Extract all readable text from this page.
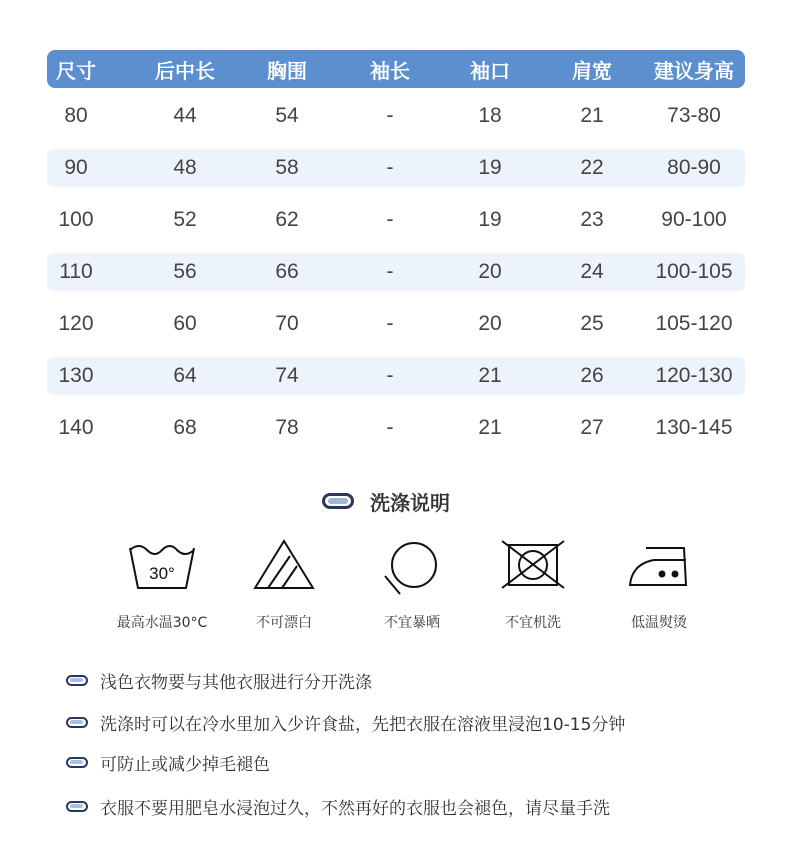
尺寸	后中长	胸围	袖长	袖口	肩宽	建议身高
80	44	54	-	18	21	73-80
90	48	58	-	19	22	80-90
100	52	62	-	19	23	90-100
110	56	66	-	20	24	100-105
120	60	70	-	20	25	105-120
130	64	74	-	21	26	120-130
140	68	78	-	21	27	130-145
洗涤说明
30°
最高水温30°C	不可漂白	不宜暴晒	不宜机洗	低温熨烫
浅色衣物要与其他衣服进行分开洗涤
洗涤时可以在冷水里加入少许食盐，先把衣服在溶液里浸泡10-15分钟
可防止或减少掉毛褪色
衣服不要用肥皂水浸泡过久，不然再好的衣服也会褪色，请尽量手洗
